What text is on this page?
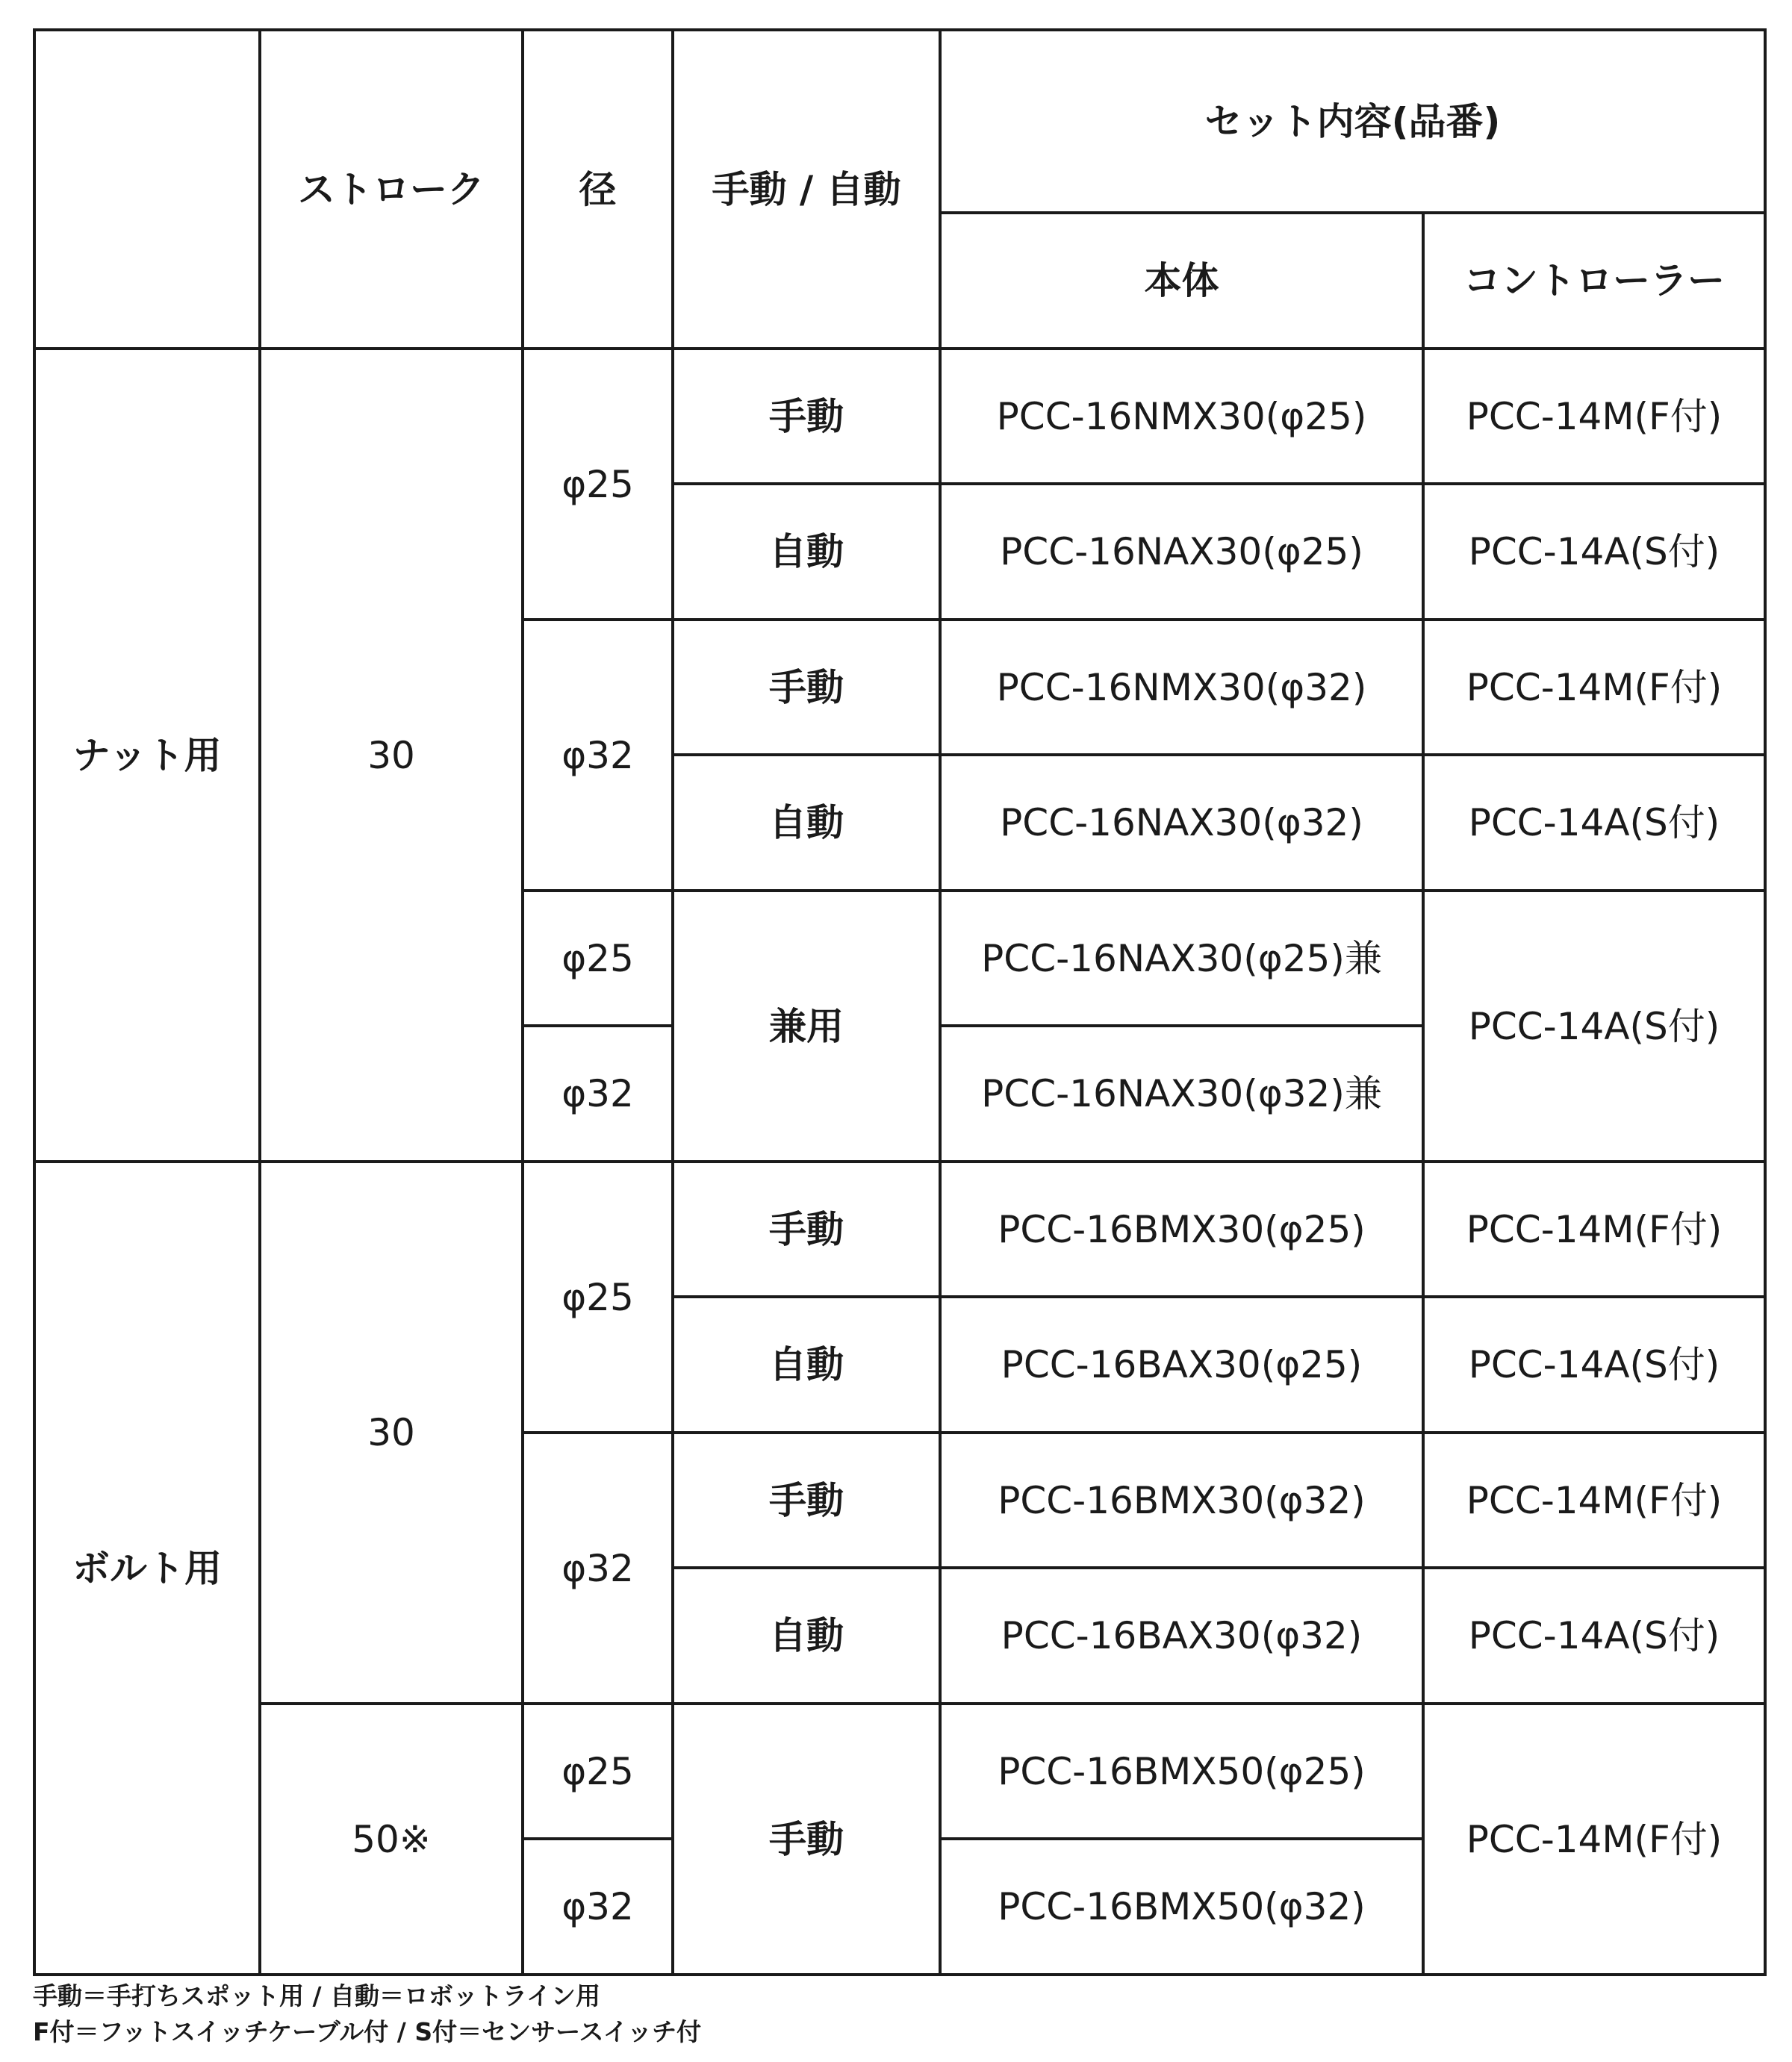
	ストローク	径	手動 / 自動	セット内容(品番)	
				本体	コントローラー
ナット用	30	φ25	手動	PCC-16NMX30(φ25)	PCC-14M(F付)
			自動	PCC-16NAX30(φ25)	PCC-14A(S付)
		φ32	手動	PCC-16NMX30(φ32)	PCC-14M(F付)
			自動	PCC-16NAX30(φ32)	PCC-14A(S付)
		φ25	兼用	PCC-16NAX30(φ25)兼	PCC-14A(S付)
		φ32		PCC-16NAX30(φ32)兼	
ボルト用	30	φ25	手動	PCC-16BMX30(φ25)	PCC-14M(F付)
			自動	PCC-16BAX30(φ25)	PCC-14A(S付)
		φ32	手動	PCC-16BMX30(φ32)	PCC-14M(F付)
			自動	PCC-16BAX30(φ32)	PCC-14A(S付)
	50※	φ25	手動	PCC-16BMX50(φ25)	PCC-14M(F付)
		φ32		PCC-16BMX50(φ32)	
手動＝手打ちスポット用 / 自動＝ロボットライン用
F付＝フットスイッチケーブル付 / S付＝センサースイッチ付
